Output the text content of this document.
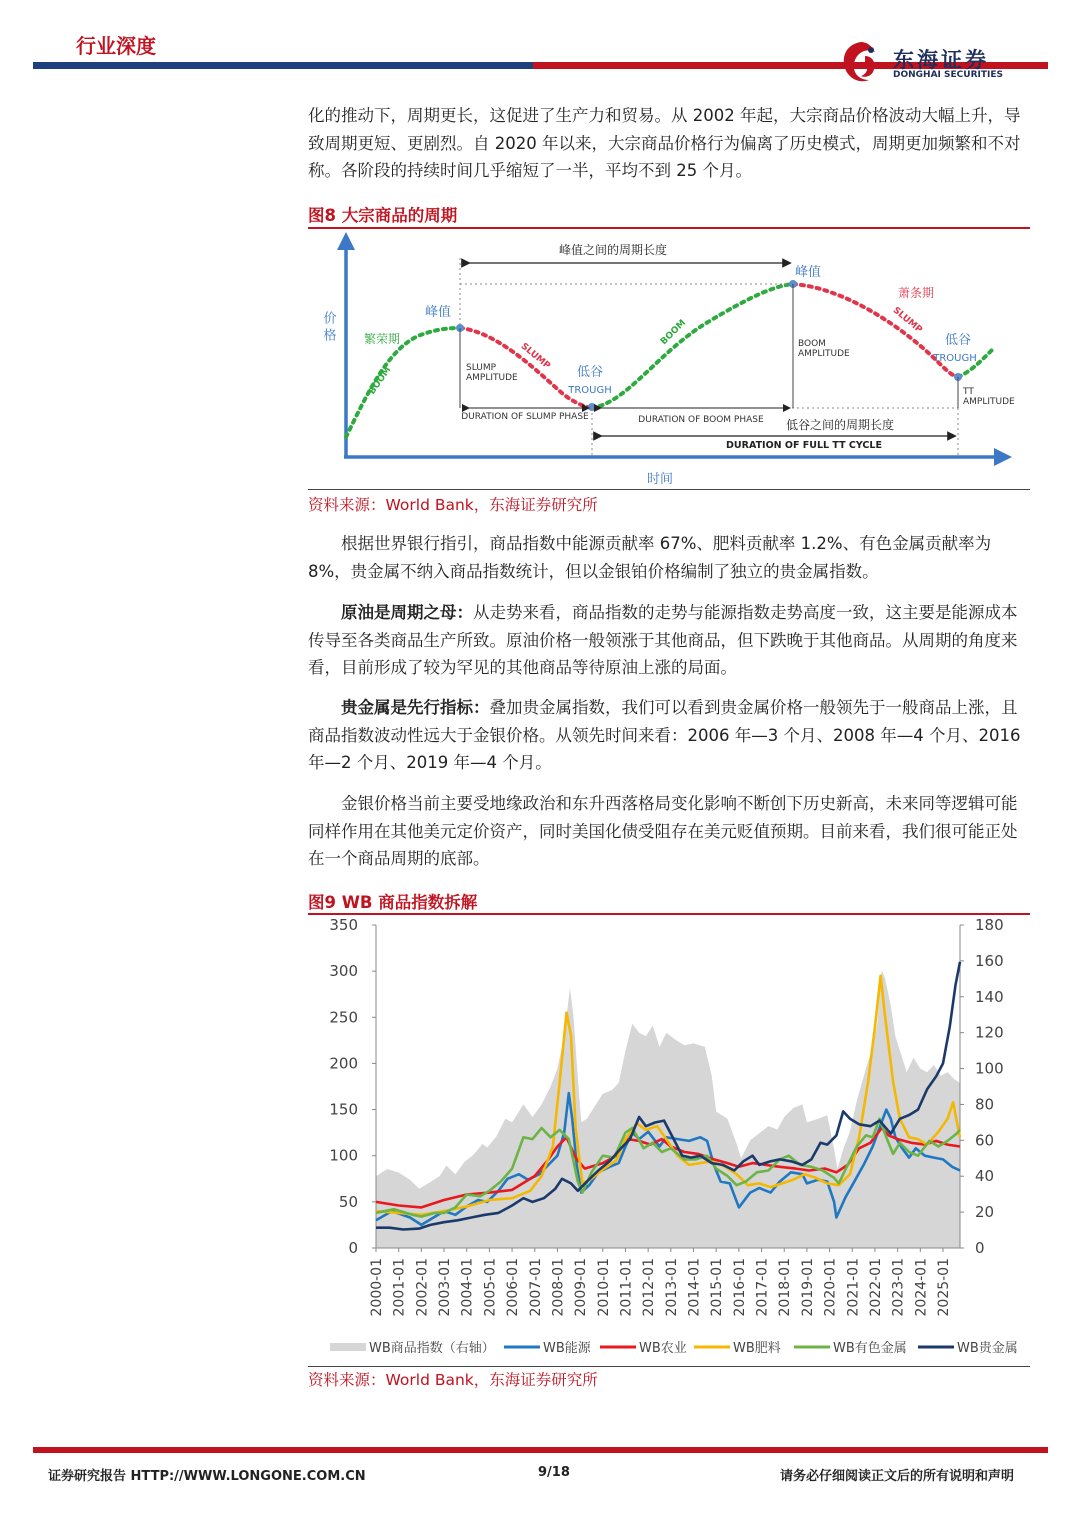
行业深度
东海证券
DONGHAI SECURITIES

化的推动下，周期更长，这促进了生产力和贸易。从 2002 年起，大宗商品价格波动大幅上升，导致周期更短、更剧烈。自 2020 年以来，大宗商品价格行为偏离了历史模式，周期更加频繁和不对称。各阶段的持续时间几乎缩短了一半，平均不到 25 个月。

图8 大宗商品的周期
价格
时间
峰值之间的周期长度
峰值
峰值
低谷
TROUGH
低谷
TROUGH
繁荣期
萧条期
BOOM
SLUMP
BOOM	SLUMP
SLUMP
AMPLITUDE
BOOM
AMPLITUDE
TT
AMPLITUDE
DURATION OF SLUMP PHASE	DURATION OF BOOM PHASE 低谷之间的周期长度
DURATION OF FULL TT CYCLE
资料来源：World Bank，东海证券研究所

根据世界银行指引，商品指数中能源贡献率 67%、肥料贡献率 1.2%、有色金属贡献率为 8%，贵金属不纳入商品指数统计，但以金银铂价格编制了独立的贵金属指数。

原油是周期之母：从走势来看，商品指数的走势与能源指数走势高度一致，这主要是能源成本传导至各类商品生产所致。原油价格一般领涨于其他商品，但下跌晚于其他商品。从周期的角度来看，目前形成了较为罕见的其他商品等待原油上涨的局面。

贵金属是先行指标：叠加贵金属指数，我们可以看到贵金属价格一般领先于一般商品上涨，且商品指数波动性远大于金银价格。从领先时间来看：2006 年—3 个月、2008 年—4 个月、2016 年—2 个月、2019 年—4 个月。

金银价格当前主要受地缘政治和东升西落格局变化影响不断创下历史新高，未来同等逻辑可能同样作用在其他美元定价资产，同时美国化债受阻存在美元贬值预期。目前来看，我们很可能正处在一个商品周期的底部。

图9 WB 商品指数拆解
0
50
100
150
200
250
300
350
0
20
40
60
80
100
120
140
160
180
2000-01 2001-01 2002-01 2003-01 2004-01 2005-01 2006-01 2007-01 2008-01 2009-01 2010-01 2011-01 2012-01 2013-01 2014-01 2015-01 2016-01 2017-01 2018-01 2019-01 2020-01 2021-01 2022-01 2023-01 2024-01 2025-01
WB商品指数（右轴）	WB能源	WB农业	WB肥料	WB有色金属	WB贵金属
资料来源：World Bank，东海证券研究所
证券研究报告 HTTP://WWW.LONGONE.COM.CN	9/18	请务必仔细阅读正文后的所有说明和声明
